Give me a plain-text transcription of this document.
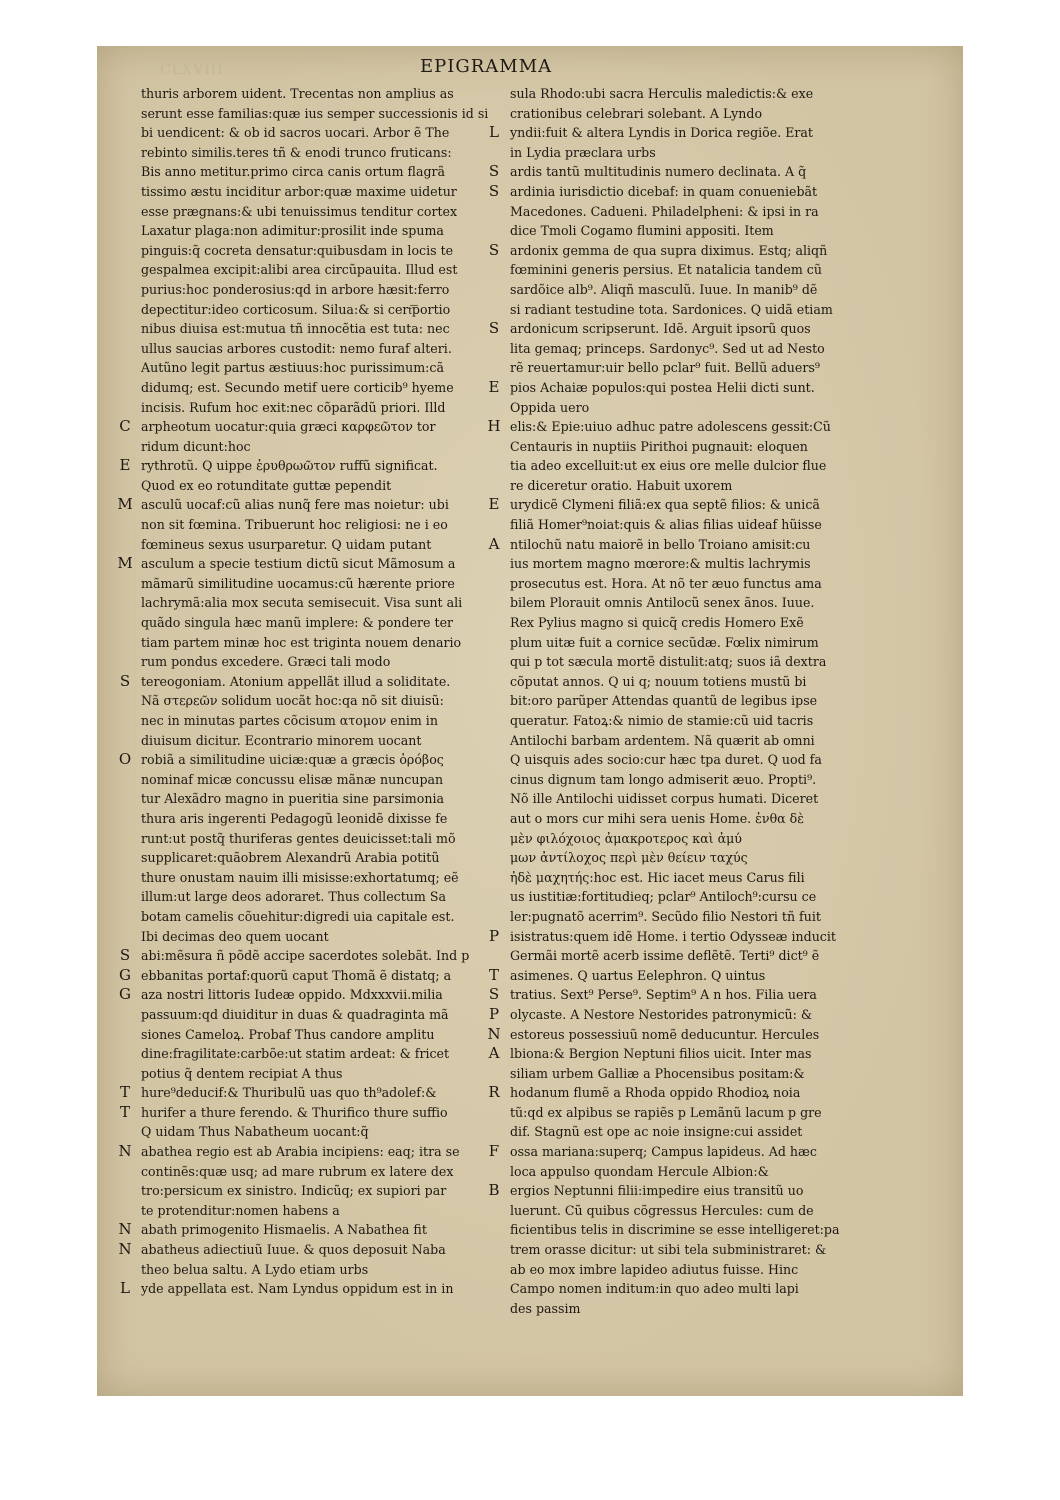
CLXVIII	EPIGRAMMA
thuris arborem uident. Trecentas non amplius as
serunt esse familias:quæ ius semper successionis id si
bi uendicent: & ob id sacros uocari. Arbor ẽ The
rebinto similis.teres tñ & enodi trunco fruticans:
Bis anno metitur.primo circa canis ortum flagrã
tissimo æstu inciditur arbor:quæ maxime uidetur
esse prægnans:& ubi tenuissimus tenditur cortex
Laxatur plaga:non adimitur:prosilit inde spuma
pinguis:q̃ cocreta densatur:quibusdam in locis te
gespalmea excipit:alibi area circũpauita. Illud est
purius:hoc ponderosius:qd in arbore hæsit:ferro
depectitur:ideo corticosum. Silua:& si cert͞portio
nibus diuisa est:mutua tñ innocẽtia est tuta: nec
ullus saucias arbores custodit: nemo furaf alteri.
Autũno legit partus æstiuus:hoc purissimum:cã
didumq; est. Secundo metif uere corticib⁹ hyeme
incisis. Rufum hoc exit:nec cõparãdũ priori. Illd
C arpheotum uocatur:quia græci καρφεῶτον tor
ridum dicunt:hoc
E rythrotũ. Q uippe ἐρυθρωῶτον ruffũ significat.
Quod ex eo rotunditate guttæ pependit
M asculũ uocaf:cũ alias nunq̃ fere mas noietur: ubi
non sit fœmina. Tribuerunt hoc religiosi: ne i eo
fœmineus sexus usurparetur. Q uidam putant
M asculum a specie testium dictũ sicut Mãmosum a
mãmarũ similitudine uocamus:cũ hærente priore
lachrymã:alia mox secuta semisecuit. Visa sunt ali
quãdo singula hæc manũ implere: & pondere ter
tiam partem minæ hoc est triginta nouem denario
rum pondus excedere. Græci tali modo
S tereogoniam. Atonium appellãt illud a soliditate.
Nã στερεῶν solidum uocãt hoc:qa nõ sit diuisũ:
nec in minutas partes cõcisum ατομον enim in
diuisum dicitur. Econtrario minorem uocant
O robiã a similitudine uiciæ:quæ a græcis ὀρόβος
nominaf micæ concussu elisæ mãnæ nuncupan
tur Alexãdro magno in pueritia sine parsimonia
thura aris ingerenti Pedagogũ leonidẽ dixisse fe
runt:ut postq̃ thuriferas gentes deuicisset:tali mõ
supplicaret:quãobrem Alexandrũ Arabia potitũ
thure onustam nauim illi misisse:exhortatumq; eẽ
illum:ut large deos adoraret. Thus collectum Sa
botam camelis cõuehitur:digredi uia capitale est.
Ibi decimas deo quem uocant
S abi:mẽsura ñ põdẽ accipe sacerdotes solebãt. Ind p
G ebbanitas portaf:quorũ caput Thomã ẽ distatq; a
G aza nostri littoris Iudeæ oppido. Mdxxxvii.milia
passuum:qd diuiditur in duas & quadraginta mã
siones Cameloꝝ. Probaf Thus candore amplitu
dine:fragilitate:carbõe:ut statim ardeat: & fricet
potius q̃ dentem recipiat A thus
T hure⁹deducif:& Thuribulũ uas quo th⁹adolef:&
T hurifer a thure ferendo. & Thurifico thure suffio
Q uidam Thus Nabatheum uocant:q̃
N abathea regio est ab Arabia incipiens: eaq; itra se
continẽs:quæ usq; ad mare rubrum ex latere dex
tro:persicum ex sinistro. Indicũq; ex supiori par
te protenditur:nomen habens a
N abath primogenito Hismaelis. A Nabathea fit
N abatheus adiectiuũ Iuue. & quos deposuit Naba
theo belua saltu. A Lydo etiam urbs
L yde appellata est. Nam Lyndus oppidum est in in
sula Rhodo:ubi sacra Herculis maledictis:& exe
crationibus celebrari solebant. A Lyndo
L yndii:fuit & altera Lyndis in Dorica regiõe. Erat
in Lydia præclara urbs
S ardis tantũ multitudinis numero declinata. A q̃
S ardinia iurisdictio dicebaf: in quam conueniebãt
Macedones. Cadueni. Philadelpheni: & ipsi in ra
dice Tmoli Cogamo flumini appositi. Item
S ardonix gemma de qua supra diximus. Estq; aliqñ
fœminini generis persius. Et natalicia tandem cũ
sardõice alb⁹. Aliqñ masculũ. Iuue. In manib⁹ dẽ
si radiant testudine tota. Sardonices. Q uidã etiam
S ardonicum scripserunt. Idẽ. Arguit ipsorũ quos
lita gemaq; princeps. Sardonyc⁹. Sed ut ad Nesto
rẽ reuertamur:uir bello pclar⁹ fuit. Bellũ aduers⁹
E pios Achaiæ populos:qui postea Helii dicti sunt.
Oppida uero
H elis:& Epie:uiuo adhuc patre adolescens gessit:Cũ
Centauris in nuptiis Pirithoi pugnauit: eloquen
tia adeo excelluit:ut ex eius ore melle dulcior flue
re diceretur oratio. Habuit uxorem
E urydicẽ Clymeni filiã:ex qua septẽ filios: & unicã
filiã Homer⁹noiat:quis & alias filias uideaf hũisse
A ntilochũ natu maiorẽ in bello Troiano amisit:cu
ius mortem magno mœrore:& multis lachrymis
prosecutus est. Hora. At nõ ter æuo functus ama
bilem Plorauit omnis Antilocũ senex ãnos. Iuue.
Rex Pylius magno si quicq̃ credis Homero Exẽ
plum uitæ fuit a cornice secũdæ. Fœlix nimirum
qui p tot sæcula mortẽ distulit:atq; suos iã dextra
cõputat annos. Q ui q; nouum totiens mustũ bi
bit:oro parũper Attendas quantũ de legibus ipse
queratur. Fatoꝝ:& nimio de stamie:cũ uid tacris
Antilochi barbam ardentem. Nã quærit ab omni
Q uisquis ades socio:cur hæc tpa duret. Q uod fa
cinus dignum tam longo admiserit æuo. Propti⁹.
Nõ ille Antilochi uidisset corpus humati. Diceret
aut o mors cur mihi sera uenis Home. ἐνθα δὲ
μὲν φιλόχοιος ἀμακροτερος καὶ ἀμύ
μων ἀντίλοχος περὶ μὲν θείειν ταχύς
ἠδὲ μαχητής:hoc est. Hic iacet meus Carus fili
us iustitiæ:fortitudieq; pclar⁹ Antiloch⁹:cursu ce
ler:pugnatõ acerrim⁹. Secũdo filio Nestori tñ fuit
P isistratus:quem idẽ Home. i tertio Odysseæ inducit
Germãi mortẽ acerb issime deflẽtẽ. Terti⁹ dict⁹ ẽ
T asimenes. Q uartus Eelephron. Q uintus
S tratius. Sext⁹ Perse⁹. Septim⁹ A n hos. Filia uera
P olycaste. A Nestore Nestorides patronymicũ: &
N estoreus possessiuũ nomẽ deducuntur. Hercules
A lbiona:& Bergion Neptuni filios uicit. Inter mas
siliam urbem Galliæ a Phocensibus positam:&
R hodanum flumẽ a Rhoda oppido Rhodioꝝ noia
tũ:qd ex alpibus se rapiẽs p Lemãnũ lacum p gre
dif. Stagnũ est ope ac noie insigne:cui assidet
F ossa mariana:superq; Campus lapideus. Ad hæc
loca appulso quondam Hercule Albion:&
B ergios Neptunni filii:impedire eius transitũ uo
luerunt. Cũ quibus cõgressus Hercules: cum de
ficientibus telis in discrimine se esse intelligeret:pa
trem orasse dicitur: ut sibi tela subministraret: &
ab eo mox imbre lapideo adiutus fuisse. Hinc
Campo nomen inditum:in quo adeo multi lapi
des passim
